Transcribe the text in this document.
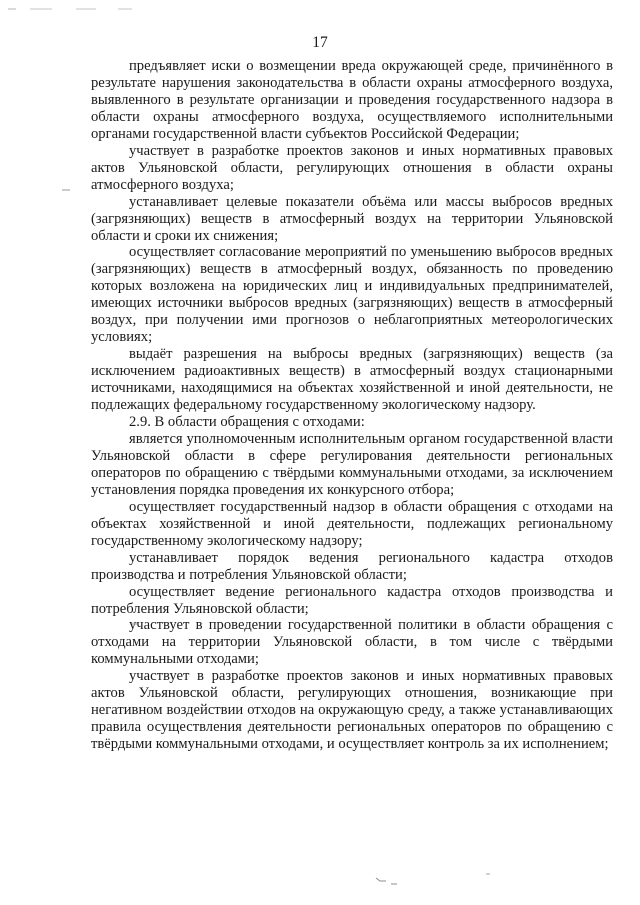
17

предъявляет иски о возмещении вреда окружающей среде, причинённого в результате нарушения законодательства в области охраны атмосферного воздуха, выявленного в результате организации и проведения государственного надзора в области охраны атмосферного воздуха, осуществляемого исполнительными органами государственной власти субъектов Российской Федерации;

участвует в разработке проектов законов и иных нормативных правовых актов Ульяновской области, регулирующих отношения в области охраны атмосферного воздуха;

устанавливает целевые показатели объёма или массы выбросов вредных (загрязняющих) веществ в атмосферный воздух на территории Ульяновской области и сроки их снижения;

осуществляет согласование мероприятий по уменьшению выбросов вредных (загрязняющих) веществ в атмосферный воздух, обязанность по проведению которых возложена на юридических лиц и индивидуальных предпринимателей, имеющих источники выбросов вредных (загрязняющих) веществ в атмосферный воздух, при получении ими прогнозов о неблагоприятных метеорологических условиях;

выдаёт разрешения на выбросы вредных (загрязняющих) веществ (за исключением радиоактивных веществ) в атмосферный воздух стационарными источниками, находящимися на объектах хозяйственной и иной деятельности, не подлежащих федеральному государственному экологическому надзору.

2.9. В области обращения с отходами:

является уполномоченным исполнительным органом государственной власти Ульяновской области в сфере регулирования деятельности региональных операторов по обращению с твёрдыми коммунальными отходами, за исключением установления порядка проведения их конкурсного отбора;

осуществляет государственный надзор в области обращения с отходами на объектах хозяйственной и иной деятельности, подлежащих региональному государственному экологическому надзору;

устанавливает порядок ведения регионального кадастра отходов производства и потребления Ульяновской области;

осуществляет ведение регионального кадастра отходов производства и потребления Ульяновской области;

участвует в проведении государственной политики в области обращения с отходами на территории Ульяновской области, в том числе с твёрдыми коммунальными отходами;

участвует в разработке проектов законов и иных нормативных правовых актов Ульяновской области, регулирующих отношения, возникающие при негативном воздействии отходов на окружающую среду, а также устанавливающих правила осуществления деятельности региональных операторов по обращению с твёрдыми коммунальными отходами, и осуществляет контроль за их исполнением;
